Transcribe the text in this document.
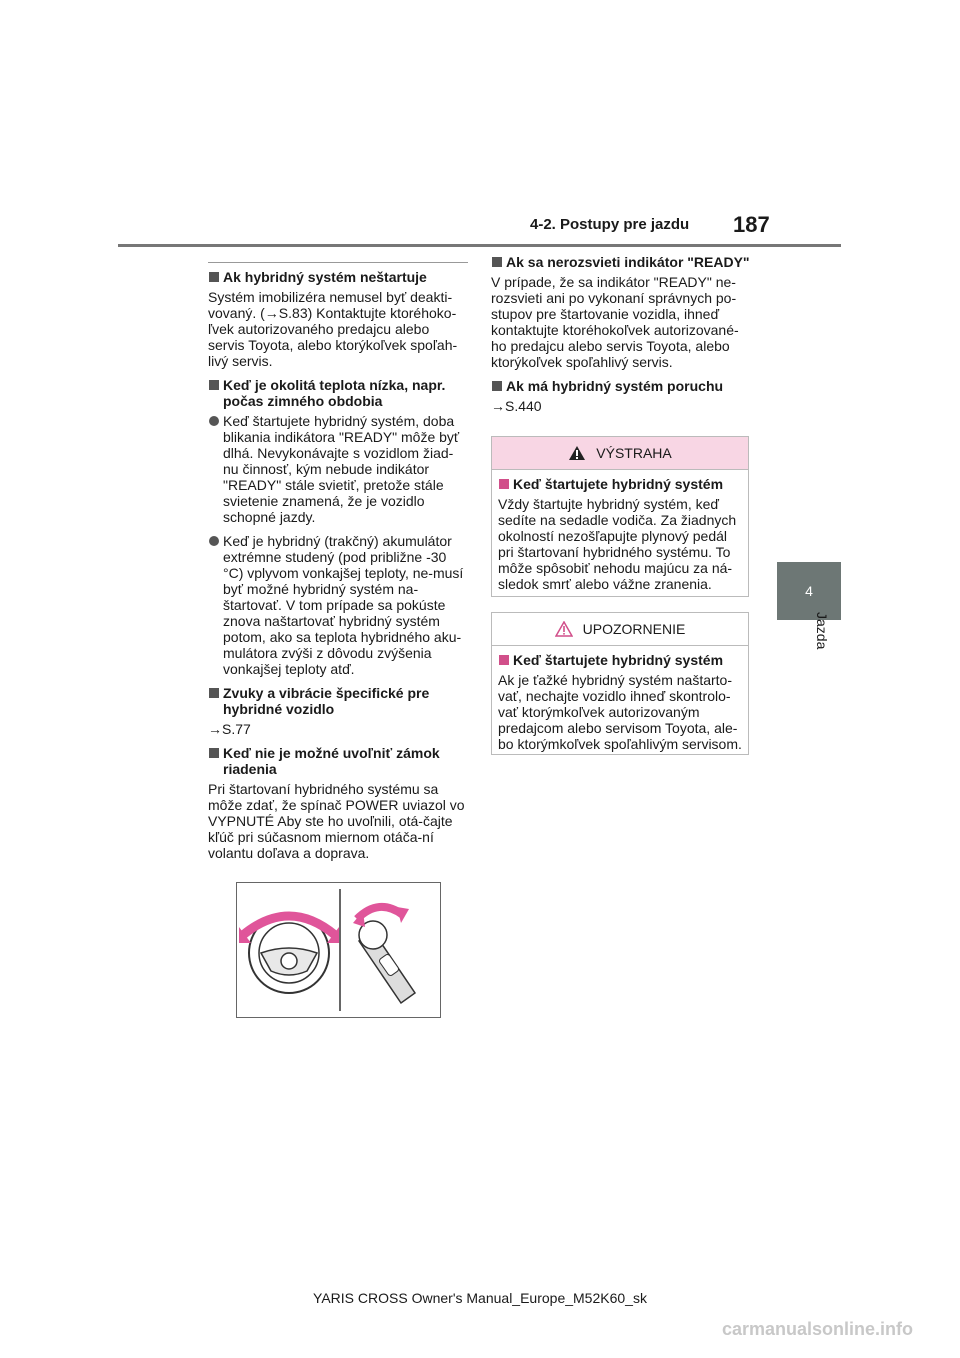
4-2. Postupy pre jazdu 187
4
Jazda
Ak hybridný systém neštartuje
Systém imobilizéra nemusel byť deakti-vovaný. (→S.83) Kontaktujte ktoréhoko-ľvek autorizovaného predajcu alebo servis Toyota, alebo ktorýkoľvek spoľah-livý servis.
Keď je okolitá teplota nízka, napr. počas zimného obdobia
Keď štartujete hybridný systém, doba blikania indikátora "READY" môže byť dlhá. Nevykonávajte s vozidlom žiad-nu činnosť, kým nebude indikátor "READY" stále svietiť, pretože stále svietenie znamená, že je vozidlo schopné jazdy.
Keď je hybridný (trakčný) akumulátor extrémne studený (pod približne -30 °C) vplyvom vonkajšej teploty, ne-musí byť možné hybridný systém na-štartovať. V tom prípade sa pokúste znova naštartovať hybridný systém potom, ako sa teplota hybridného aku-mulátora zvýši z dôvodu zvýšenia vonkajšej teploty atď.
Zvuky a vibrácie špecifické pre hybridné vozidlo
→S.77
Keď nie je možné uvoľniť zámok riadenia
Pri štartovaní hybridného systému sa môže zdať, že spínač POWER uviazol vo VYPNUTÉ Aby ste ho uvoľnili, otá-čajte kľúč pri súčasnom miernom otáča-ní volantu doľava a doprava.
Ak sa nerozsvieti indikátor "READY"
V prípade, že sa indikátor "READY" ne-rozsvieti ani po vykonaní správnych po-stupov pre štartovanie vozidla, ihneď kontaktujte ktoréhokoľvek autorizované-ho predajcu alebo servis Toyota, alebo ktorýkoľvek spoľahlivý servis.
Ak má hybridný systém poruchu
→S.440
VÝSTRAHA
Keď štartujete hybridný systém
Vždy štartujte hybridný systém, keď sedíte na sedadle vodiča. Za žiadnych okolností nezošľapujte plynový pedál pri štartovaní hybridného systému. To môže spôsobiť nehodu majúcu za ná-sledok smrť alebo vážne zranenia.
UPOZORNENIE
Keď štartujete hybridný systém
Ak je ťažké hybridný systém naštarto-vať, nechajte vozidlo ihneď skontrolo-vať ktorýmkoľvek autorizovaným predajcom alebo servisom Toyota, ale-bo ktorýmkoľvek spoľahlivým servisom.
YARIS CROSS Owner's Manual_Europe_M52K60_sk
carmanualsonline.info
